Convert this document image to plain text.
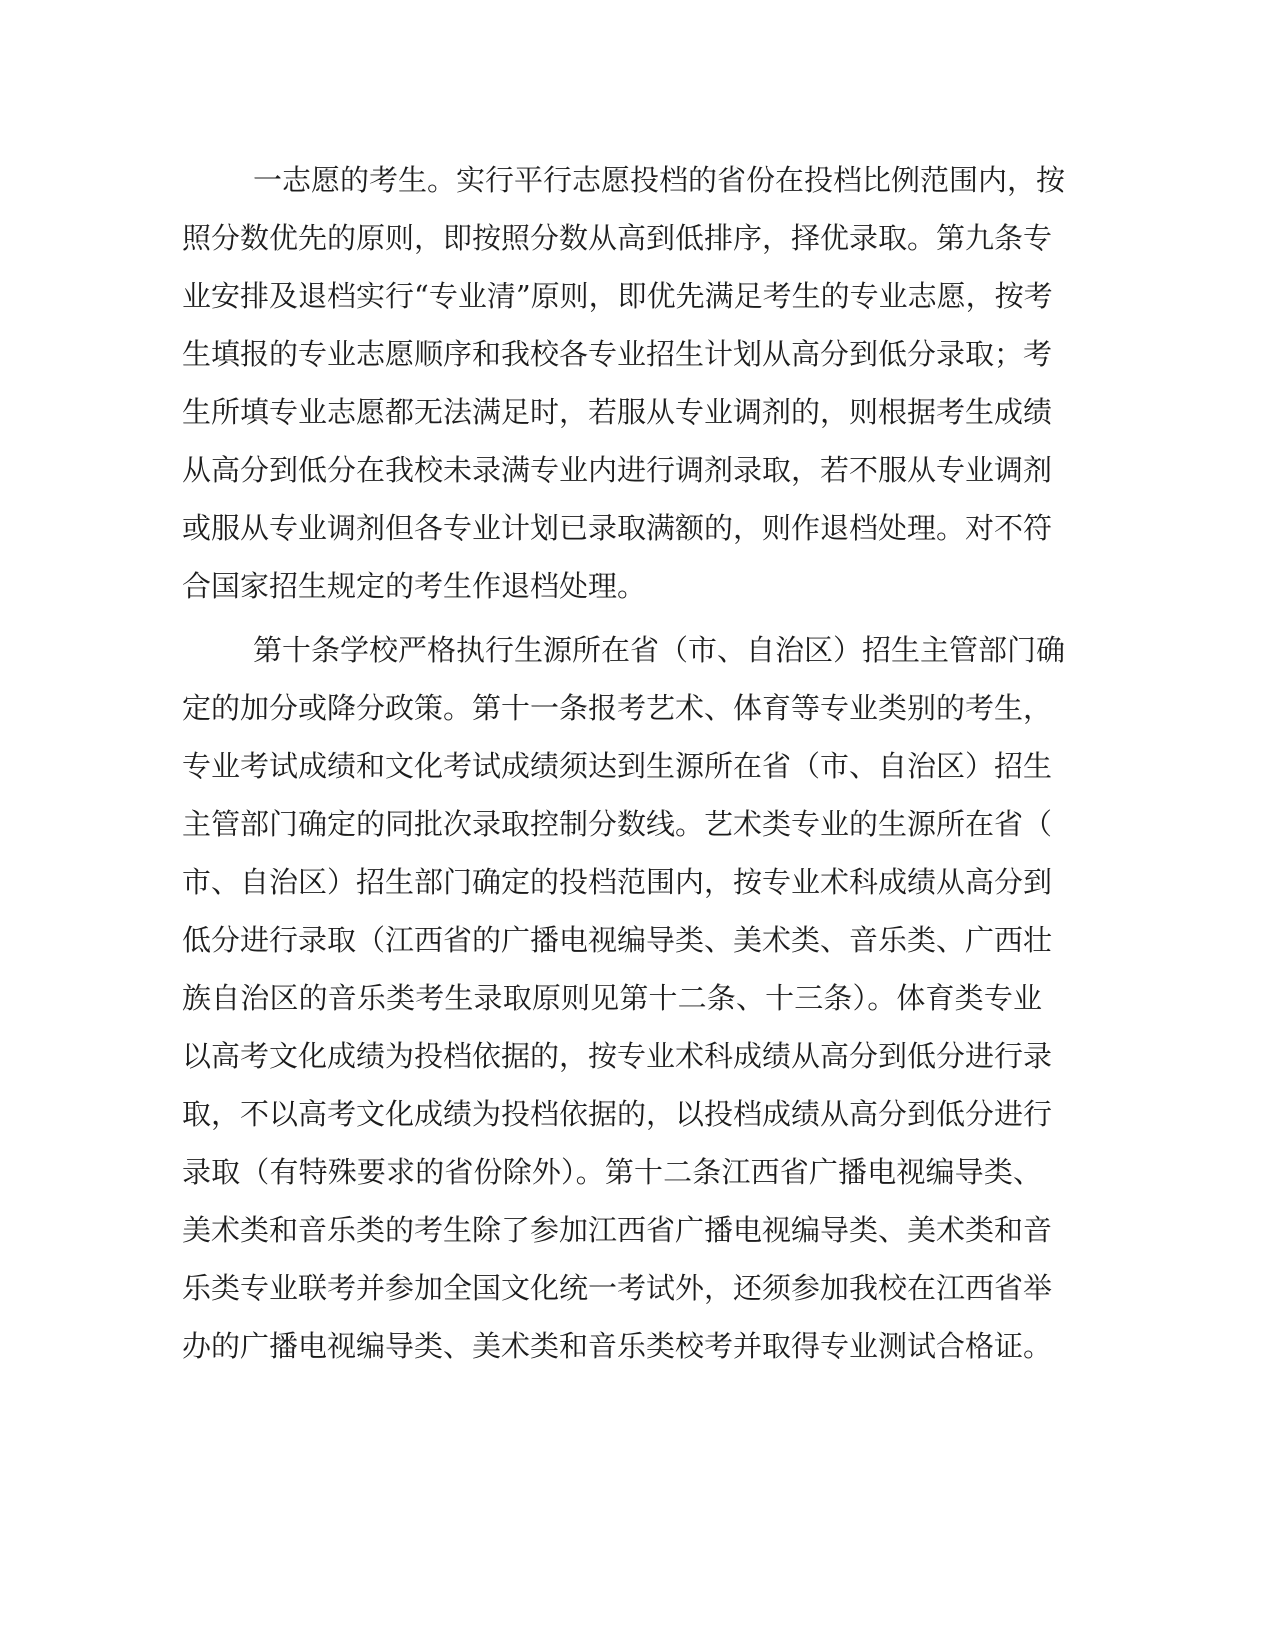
一志愿的考生。实行平行志愿投档的省份在投档比例范围内，按
照分数优先的原则，即按照分数从高到低排序，择优录取。第九条专
业安排及退档实行“专业清”原则，即优先满足考生的专业志愿，按考
生填报的专业志愿顺序和我校各专业招生计划从高分到低分录取；考
生所填专业志愿都无法满足时，若服从专业调剂的，则根据考生成绩
从高分到低分在我校未录满专业内进行调剂录取，若不服从专业调剂
或服从专业调剂但各专业计划已录取满额的，则作退档处理。对不符
合国家招生规定的考生作退档处理。
第十条学校严格执行生源所在省（市、自治区）招生主管部门确
定的加分或降分政策。第十一条报考艺术、体育等专业类别的考生，
专业考试成绩和文化考试成绩须达到生源所在省（市、自治区）招生
主管部门确定的同批次录取控制分数线。艺术类专业的生源所在省（
市、自治区）招生部门确定的投档范围内，按专业术科成绩从高分到
低分进行录取（江西省的广播电视编导类、美术类、音乐类、广西壮
族自治区的音乐类考生录取原则见第十二条、十三条）。体育类专业
以高考文化成绩为投档依据的，按专业术科成绩从高分到低分进行录
取，不以高考文化成绩为投档依据的，以投档成绩从高分到低分进行
录取（有特殊要求的省份除外）。第十二条江西省广播电视编导类、
美术类和音乐类的考生除了参加江西省广播电视编导类、美术类和音
乐类专业联考并参加全国文化统一考试外，还须参加我校在江西省举
办的广播电视编导类、美术类和音乐类校考并取得专业测试合格证。
